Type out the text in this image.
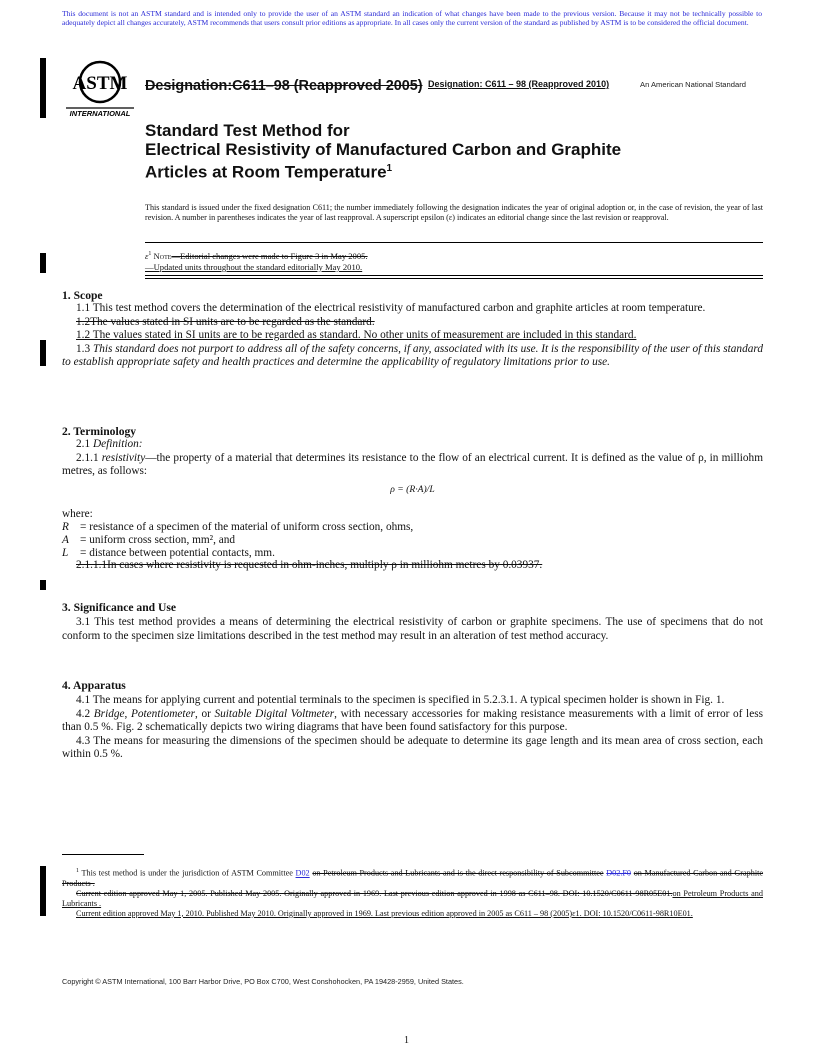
This document is not an ASTM standard and is intended only to provide the user of an ASTM standard an indication of what changes have been made to the previous version. Because it may not be technically possible to adequately depict all changes accurately, ASTM recommends that users consult prior editions as appropriate. In all cases only the current version of the standard as published by ASTM is to be considered the official document.
ASTM
INTERNATIONAL
Designation:C611–98 (Reapproved 2005) Designation: C611 – 98 (Reapproved 2010)	An American National Standard
Standard Test Method for
Electrical Resistivity of Manufactured Carbon and Graphite
Articles at Room Temperature$^1$
This standard is issued under the fixed designation C611; the number immediately following the designation indicates the year of original adoption or, in the case of revision, the year of last revision. A number in parentheses indicates the year of last reapproval. A superscript epsilon (ε) indicates an editorial change since the last revision or reapproval.
$\varepsilon^1$ Note—Editorial changes were made to Figure 3 in May 2005.
—Updated units throughout the standard editorially May 2010.
1. Scope

1.1 This test method covers the determination of the electrical resistivity of manufactured carbon and graphite articles at room temperature.

1.2The values stated in SI units are to be regarded as the standard.

1.2 The values stated in SI units are to be regarded as standard. No other units of measurement are included in this standard.

1.3 This standard does not purport to address all of the safety concerns, if any, associated with its use. It is the responsibility of the user of this standard to establish appropriate safety and health practices and determine the applicability of regulatory limitations prior to use.

2. Terminology

2.1 Definition:

2.1.1 resistivity—the property of a material that determines its resistance to the flow of an electrical current. It is defined as the value of ρ, in milliohm metres, as follows:

ρ = (R·A)/L
where:
R	= resistance of a specimen of the material of uniform cross section, ohms,
A	= uniform cross section, mm², and
L	= distance between potential contacts, mm.

2.1.1.1In cases where resistivity is requested in ohm-inches, multiply ρ in milliohm metres by 0.03937.

3. Significance and Use

3.1 This test method provides a means of determining the electrical resistivity of carbon or graphite specimens. The use of specimens that do not conform to the specimen size limitations described in the test method may result in an alteration of test method accuracy.

4. Apparatus

4.1 The means for applying current and potential terminals to the specimen is specified in 5.2.3.1. A typical specimen holder is shown in Fig. 1.

4.2 Bridge, Potentiometer, or Suitable Digital Voltmeter, with necessary accessories for making resistance measurements with a limit of error of less than 0.5 %. Fig. 2 schematically depicts two wiring diagrams that have been found satisfactory for this purpose.

4.3 The means for measuring the dimensions of the specimen should be adequate to determine its gage length and its mean area of cross section, each within 0.5 %.

$^1$ This test method is under the jurisdiction of ASTM Committee D02 on Petroleum Products and Lubricants and is the direct responsibility of Subcommittee D02.F0 on Manufactured Carbon and Graphite Products .

Current edition approved May 1, 2005. Published May 2005. Originally approved in 1969. Last previous edition approved in 1998 as C611–98. DOI: 10.1520/C0611-98R05E01.on Petroleum Products and Lubricants .

Current edition approved May 1, 2010. Published May 2010. Originally approved in 1969. Last previous edition approved in 2005 as C611 – 98 (2005)ε1. DOI: 10.1520/C0611-98R10E01.

Copyright © ASTM International, 100 Barr Harbor Drive, PO Box C700, West Conshohocken, PA 19428-2959, United States.
1
